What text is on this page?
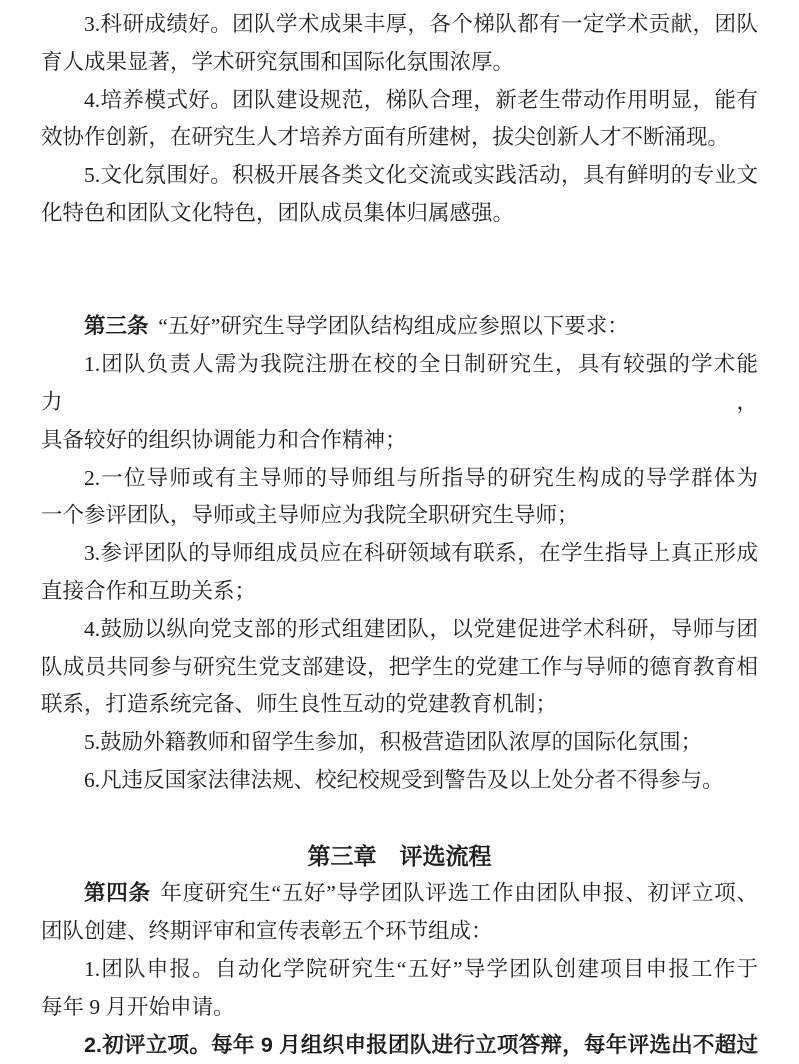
3.科研成绩好。团队学术成果丰厚，各个梯队都有一定学术贡献，团队
育人成果显著，学术研究氛围和国际化氛围浓厚。
4.培养模式好。团队建设规范，梯队合理，新老生带动作用明显，能有
效协作创新，在研究生人才培养方面有所建树，拔尖创新人才不断涌现。
5.文化氛围好。积极开展各类文化交流或实践活动，具有鲜明的专业文
化特色和团队文化特色，团队成员集体归属感强。
第三条 “五好”研究生导学团队结构组成应参照以下要求：
1.团队负责人需为我院注册在校的全日制研究生，具有较强的学术能力，
具备较好的组织协调能力和合作精神；
2.一位导师或有主导师的导师组与所指导的研究生构成的导学群体为
一个参评团队，导师或主导师应为我院全职研究生导师；
3.参评团队的导师组成员应在科研领域有联系，在学生指导上真正形成
直接合作和互助关系；
4.鼓励以纵向党支部的形式组建团队，以党建促进学术科研，导师与团
队成员共同参与研究生党支部建设，把学生的党建工作与导师的德育教育相
联系，打造系统完备、师生良性互动的党建教育机制；
5.鼓励外籍教师和留学生参加，积极营造团队浓厚的国际化氛围；
6.凡违反国家法律法规、校纪校规受到警告及以上处分者不得参与。
第三章　评选流程
第四条 年度研究生“五好”导学团队评选工作由团队申报、初评立项、
团队创建、终期评审和宣传表彰五个环节组成：
1.团队申报。自动化学院研究生“五好”导学团队创建项目申报工作于
每年 9 月开始申请。
2.初评立项。每年 9 月组织申报团队进行立项答辩，每年评选出不超过
